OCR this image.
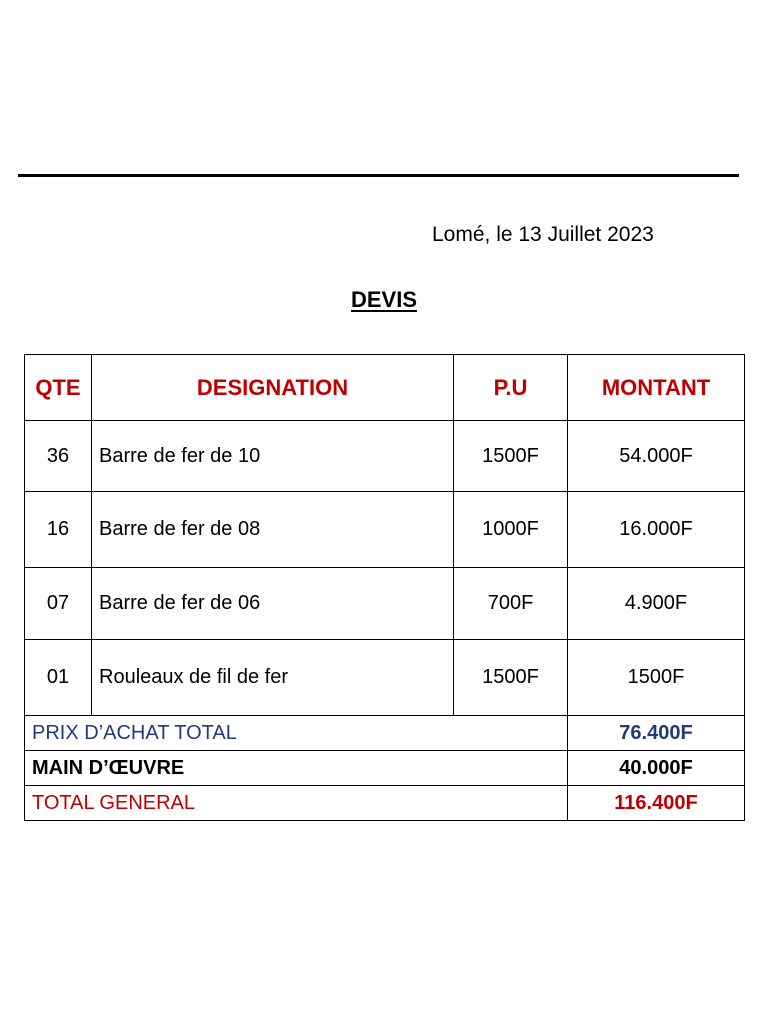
Lomé, le 13 Juillet 2023
DEVIS
QTE	DESIGNATION	P.U	MONTANT
36	Barre de fer de 10	1500F	54.000F
16	Barre de fer de 08	1000F	16.000F
07	Barre de fer de 06	700F	4.900F
01	Rouleaux de fil de fer	1500F	1500F
PRIX D’ACHAT TOTAL			76.400F
MAIN D’ŒUVRE			40.000F
TOTAL GENERAL			116.400F
